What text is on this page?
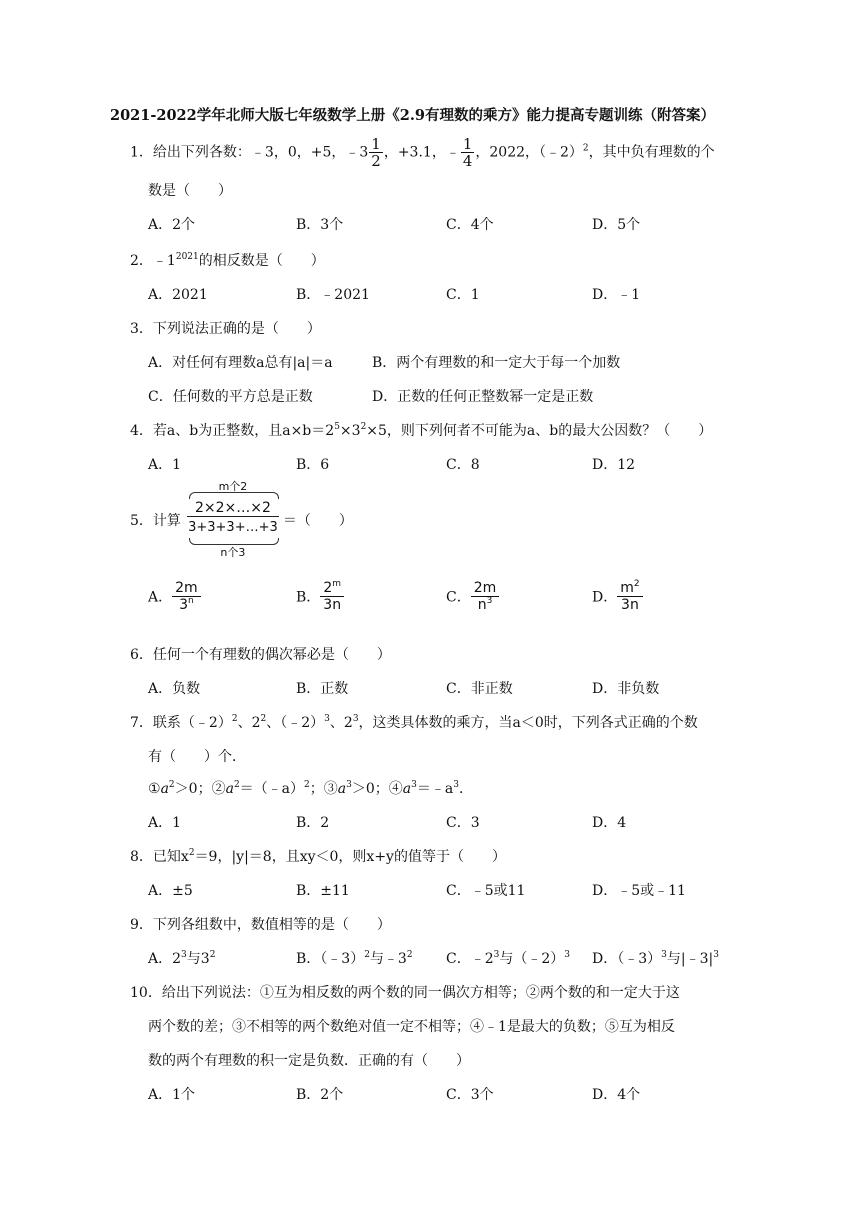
2021-2022学年北师大版七年级数学上册《2.9有理数的乘方》能力提高专题训练（附答案）
1．给出下列各数：﹣3，0，+5，﹣3 $\frac{1}{2}$ ，+3.1，﹣ $\frac{1}{4}$ ，2022，（﹣2）$^2$，其中负有理数的个
数是（　　）
A．2个	B．3个	C．4个	D．5个
2．$﹣1^{2021}$的相反数是（　　）
A．2021	B．﹣2021	C．1	D．﹣1
3．下列说法正确的是（　　）
A．对任何有理数a总有|a|＝a	B．两个有理数的和一定大于每一个加数
C．任何数的平方总是正数	D．正数的任何正整数幂一定是正数
4．若a、b为正整数，且$a\times b=2^5\times 3^2\times 5$，则下列何者不可能为a、b的最大公因数？（　　）
A．1	B．6	C．8	D．12
5．计算
m个2
2×2×…×2
3+3+3+…+3
n个3
＝（　　）
A． $\frac{2m}{3^n}$	B． $\frac{2^m}{3n}$	C． $\frac{2m}{n^3}$	D． $\frac{m^2}{3n}$
6．任何一个有理数的偶次幂必是（　　）
A．负数	B．正数	C．非正数	D．非负数
7．联系（﹣2）$^2$、$2^2$、（﹣2）$^3$、$2^3$，这类具体数的乘方，当a＜0时，下列各式正确的个数
有（　　）个．
$①a^2>0$；$②a^2=(﹣a)^2$；$③a^3>0$；$④a^3=﹣a^3$．
A．1	B．2	C．3	D．4
8．已知$x^2=9$，|y|＝8，且xy＜0，则x+y的值等于（　　）
A．±5	B．±11	C．﹣5或11	D．﹣5或﹣11
9．下列各组数中，数值相等的是（　　）
A．$2^3$与$3^2$	B．（﹣3）$^2$与$﹣3^2$ C．$﹣2^3$与（﹣2）$^3$ D．（﹣3）$^3$与$|﹣3|^3$
10．给出下列说法：①互为相反数的两个数的同一偶次方相等；②两个数的和一定大于这
两个数的差；③不相等的两个数绝对值一定不相等；④﹣1是最大的负数；⑤互为相反
数的两个有理数的积一定是负数．正确的有（　　）
A．1个	B．2个	C．3个	D．4个
